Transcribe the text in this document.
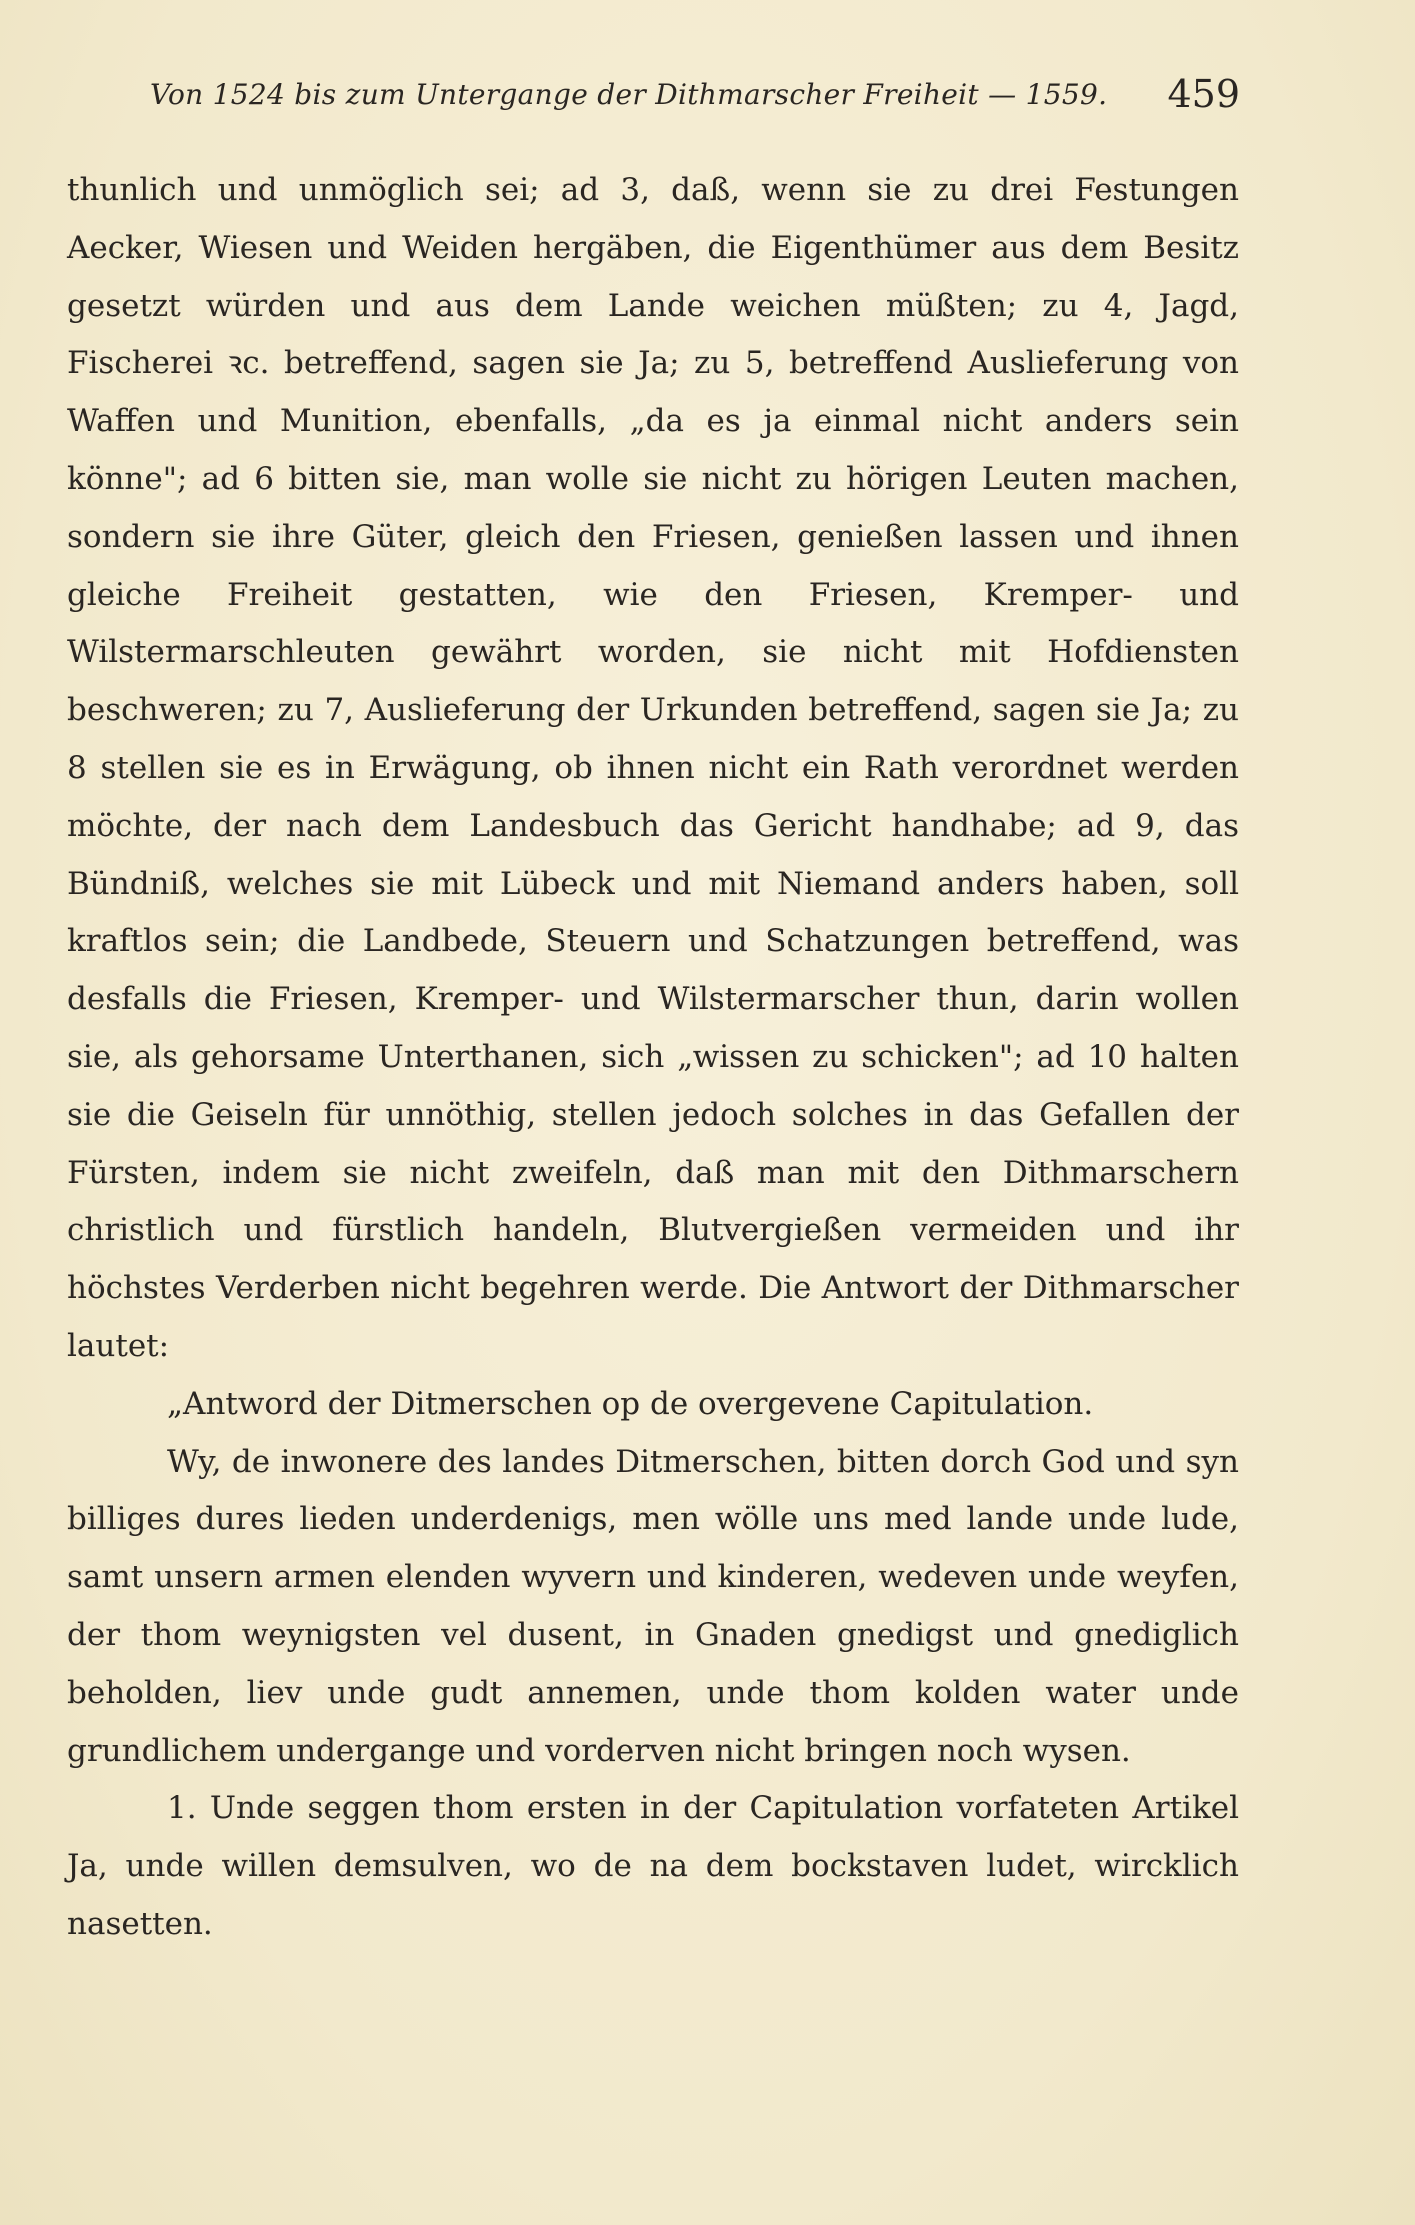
Von 1524 bis zum Untergange der Dithmarscher Freiheit — 1559. 459

thunlich und unmöglich sei; ad 3, daß, wenn sie zu drei Festungen Aecker, Wiesen und Weiden hergäben, die Eigenthümer aus dem Besitz gesetzt würden und aus dem Lande weichen müßten; zu 4, Jagd, Fischerei ꝛc. betreffend, sagen sie Ja; zu 5, betreffend Auslieferung von Waffen und Munition, ebenfalls, „da es ja einmal nicht anders sein könne"; ad 6 bitten sie, man wolle sie nicht zu hörigen Leuten machen, sondern sie ihre Güter, gleich den Friesen, genießen lassen und ihnen gleiche Freiheit gestatten, wie den Friesen, Kremper- und Wilstermarschleuten gewährt worden, sie nicht mit Hofdiensten beschweren; zu 7, Auslieferung der Urkunden betreffend, sagen sie Ja; zu 8 stellen sie es in Erwägung, ob ihnen nicht ein Rath verordnet werden möchte, der nach dem Landesbuch das Gericht handhabe; ad 9, das Bündniß, welches sie mit Lübeck und mit Niemand anders haben, soll kraftlos sein; die Landbede, Steuern und Schatzungen betreffend, was desfalls die Friesen, Kremper- und Wilstermarscher thun, darin wollen sie, als gehorsame Unterthanen, sich „wissen zu schicken"; ad 10 halten sie die Geiseln für unnöthig, stellen jedoch solches in das Gefallen der Fürsten, indem sie nicht zweifeln, daß man mit den Dithmarschern christlich und fürstlich handeln, Blutvergießen vermeiden und ihr höchstes Verderben nicht begehren werde. Die Antwort der Dithmarscher lautet:

„Antword der Ditmerschen op de overgevene Capitulation.

Wy, de inwonere des landes Ditmerschen, bitten dorch God und syn billiges dures lieden underdenigs, men wölle uns med lande unde lude, samt unsern armen elenden wyvern und kinderen, wedeven unde weyfen, der thom weynigsten vel dusent, in Gnaden gnedigst und gnediglich beholden, liev unde gudt annemen, unde thom kolden water unde grundlichem undergange und vorderven nicht bringen noch wysen.

1. Unde seggen thom ersten in der Capitulation vorfateten Artikel Ja, unde willen demsulven, wo de na dem bockstaven ludet, wircklich nasetten.
